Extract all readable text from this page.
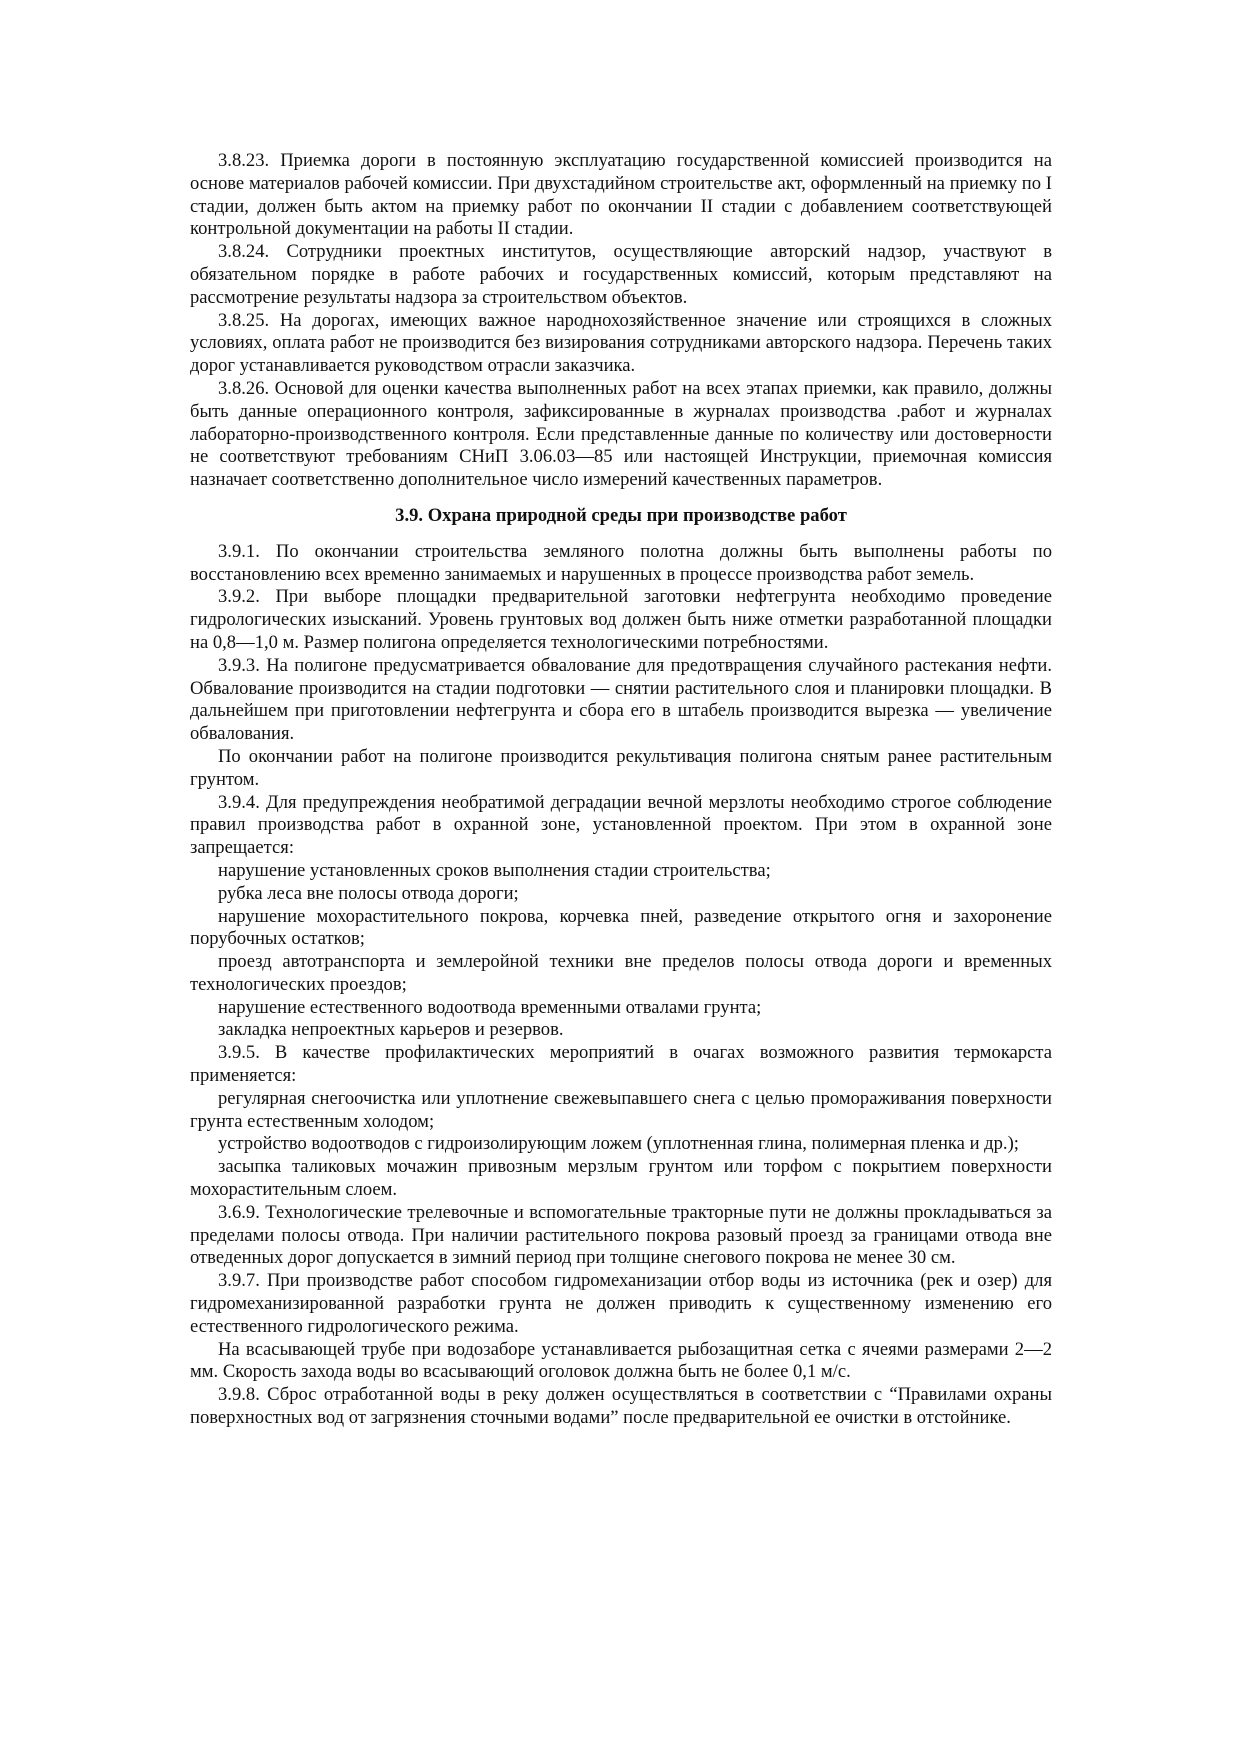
3.8.23. Приемка дороги в постоянную эксплуатацию государственной комиссией производится на основе материалов рабочей комиссии. При двухстадийном строительстве акт, оформленный на приемку по I стадии, должен быть актом на приемку работ по окончании II стадии с добавлением соответствующей контрольной документации на работы II стадии.

3.8.24. Сотрудники проектных институтов, осуществляющие авторский надзор, участвуют в обязательном порядке в работе рабочих и государственных комиссий, которым представляют на рассмотрение результаты надзора за строительством объектов.

3.8.25. На дорогах, имеющих важное народнохозяйственное значение или строящихся в сложных условиях, оплата работ не производится без визирования сотрудниками авторского надзора. Перечень таких дорог устанавливается руководством отрасли заказчика.

3.8.26. Основой для оценки качества выполненных работ на всех этапах приемки, как правило, должны быть данные операционного контроля, зафиксированные в журналах производства .работ и журналах лабораторно-производственного контроля. Если представленные данные по количеству или достоверности не соответствуют требованиям СНиП 3.06.03—85 или настоящей Инструкции, приемочная комиссия назначает соответственно дополнительное число измерений качественных параметров.

3.9. Охрана природной среды при производстве работ

3.9.1. По окончании строительства земляного полотна должны быть выполнены работы по восстановлению всех временно занимаемых и нарушенных в процессе производства работ земель.

3.9.2. При выборе площадки предварительной заготовки нефтегрунта необходимо проведение гидрологических изысканий. Уровень грунтовых вод должен быть ниже отметки разработанной площадки на 0,8—1,0 м. Размер полигона определяется технологическими потребностями.

3.9.3. На полигоне предусматривается обвалование для предотвращения случайного растекания нефти. Обвалование производится на стадии подготовки — снятии растительного слоя и планировки площадки. В дальнейшем при приготовлении нефтегрунта и сбора его в штабель производится вырезка — увеличение обвалования.

По окончании работ на полигоне производится рекультивация полигона снятым ранее растительным грунтом.

3.9.4. Для предупреждения необратимой деградации вечной мерзлоты необходимо строгое соблюдение правил производства работ в охранной зоне, установленной проектом. При этом в охранной зоне запрещается:

нарушение установленных сроков выполнения стадии строительства;

рубка леса вне полосы отвода дороги;

нарушение мохорастительного покрова, корчевка пней, разведение открытого огня и захоронение порубочных остатков;

проезд автотранспорта и землеройной техники вне пределов полосы отвода дороги и временных технологических проездов;

нарушение естественного водоотвода временными отвалами грунта;

закладка непроектных карьеров и резервов.

3.9.5. В качестве профилактических мероприятий в очагах возможного развития термокарста применяется:

регулярная снегоочистка или уплотнение свежевыпавшего снега с целью промораживания поверхности грунта естественным холодом;

устройство водоотводов с гидроизолирующим ложем (уплотненная глина, полимерная пленка и др.);

засыпка таликовых мочажин привозным мерзлым грунтом или торфом с покрытием поверхности мохорастительным слоем.

3.6.9. Технологические трелевочные и вспомогательные тракторные пути не должны прокладываться за пределами полосы отвода. При наличии растительного покрова разовый проезд за границами отвода вне отведенных дорог допускается в зимний период при толщине снегового покрова не менее 30 см.

3.9.7. При производстве работ способом гидромеханизации отбор воды из источника (рек и озер) для гидромеханизированной разработки грунта не должен приводить к существенному изменению его естественного гидрологического режима.

На всасывающей трубе при водозаборе устанавливается рыбозащитная сетка с ячеями размерами 2—2 мм. Скорость захода воды во всасывающий оголовок должна быть не более 0,1 м/с.

3.9.8. Сброс отработанной воды в реку должен осуществляться в соответствии с “Правилами охраны поверхностных вод от загрязнения сточными водами” после предварительной ее очистки в отстойнике.
